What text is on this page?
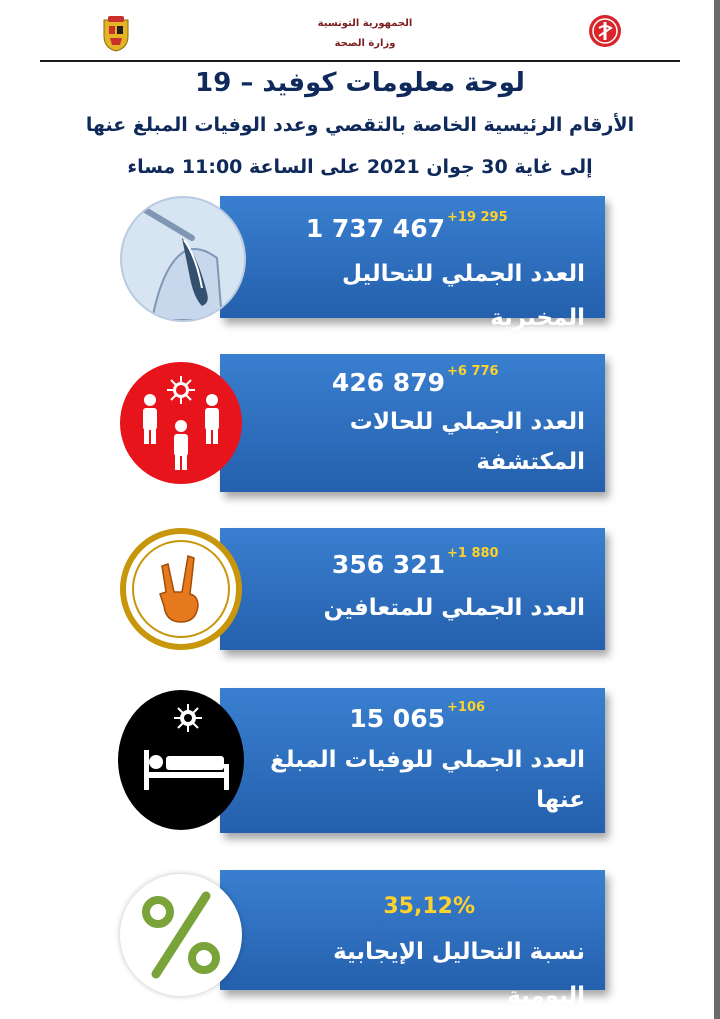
الجمهورية التونسية
وزارة الصحة
لوحة معلومات كوفيد – 19
الأرقام الرئيسية الخاصة بالتقصي وعدد الوفيات المبلغ عنها
إلى غاية 30 جوان 2021 على الساعة 11:00 مساء
1 737 467 +19 295
العدد الجملي للتحاليل المخبرية
426 879 +6 776
العدد الجملي للحالات
المكتشفة
356 321 +1 880
العدد الجملي للمتعافين
15 065 +106
العدد الجملي للوفيات المبلغ
عنها
35,12%
نسبة التحاليل الإيجابية اليومية
